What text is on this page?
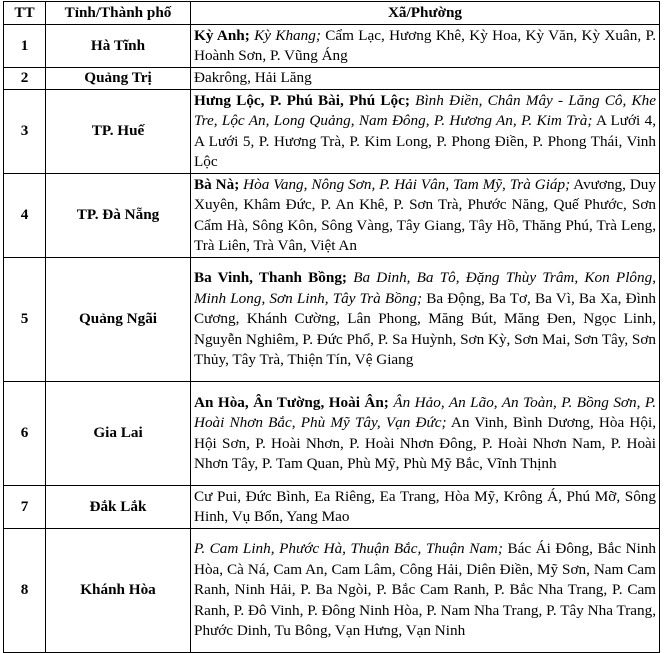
TT	Tỉnh/Thành phố	Xã/Phường
1	Hà Tĩnh	Kỳ Anh; Kỳ Khang; Cẩm Lạc, Hương Khê, Kỳ Hoa, Kỳ Văn, Kỳ Xuân, P. Hoành Sơn, P. Vũng Áng
2	Quảng Trị	Đakrông, Hải Lăng
3	TP. Huế	Hưng Lộc, P. Phú Bài, Phú Lộc; Bình Điền, Chân Mây - Lăng Cô, Khe Tre, Lộc An, Long Quảng, Nam Đông, P. Hương An, P. Kim Trà; A Lưới 4, A Lưới 5, P. Hương Trà, P. Kim Long, P. Phong Điền, P. Phong Thái, Vinh Lộc
4	TP. Đà Nẵng	Bà Nà; Hòa Vang, Nông Sơn, P. Hải Vân, Tam Mỹ, Trà Giáp; Avương, Duy Xuyên, Khâm Đức, P. An Khê, P. Sơn Trà, Phước Năng, Quế Phước, Sơn Cẩm Hà, Sông Kôn, Sông Vàng, Tây Giang, Tây Hồ, Thăng Phú, Trà Leng, Trà Liên, Trà Vân, Việt An
5	Quảng Ngãi	Ba Vinh, Thanh Bồng; Ba Dinh, Ba Tô, Đặng Thùy Trâm, Kon Plông, Minh Long, Sơn Linh, Tây Trà Bồng; Ba Động, Ba Tơ, Ba Vì, Ba Xa, Đình Cương, Khánh Cường, Lân Phong, Măng Bút, Măng Đen, Ngọc Linh, Nguyễn Nghiêm, P. Đức Phổ, P. Sa Huỳnh, Sơn Kỳ, Sơn Mai, Sơn Tây, Sơn Thủy, Tây Trà, Thiện Tín, Vệ Giang
6	Gia Lai	An Hòa, Ân Tường, Hoài Ân; Ân Hảo, An Lão, An Toàn, P. Bồng Sơn, P. Hoài Nhơn Bắc, Phù Mỹ Tây, Vạn Đức; An Vinh, Bình Dương, Hòa Hội, Hội Sơn, P. Hoài Nhơn, P. Hoài Nhơn Đông, P. Hoài Nhơn Nam, P. Hoài Nhơn Tây, P. Tam Quan, Phù Mỹ, Phù Mỹ Bắc, Vĩnh Thịnh
7	Đắk Lắk	Cư Pui, Đức Bình, Ea Riêng, Ea Trang, Hòa Mỹ, Krông Á, Phú Mỡ, Sông Hinh, Vụ Bổn, Yang Mao
8	Khánh Hòa	P. Cam Linh, Phước Hà, Thuận Bắc, Thuận Nam; Bác Ái Đông, Bắc Ninh Hòa, Cà Ná, Cam An, Cam Lâm, Công Hải, Diên Điền, Mỹ Sơn, Nam Cam Ranh, Ninh Hải, P. Ba Ngòi, P. Bắc Cam Ranh, P. Bắc Nha Trang, P. Cam Ranh, P. Đô Vinh, P. Đông Ninh Hòa, P. Nam Nha Trang, P. Tây Nha Trang, Phước Dinh, Tu Bông, Vạn Hưng, Vạn Ninh
